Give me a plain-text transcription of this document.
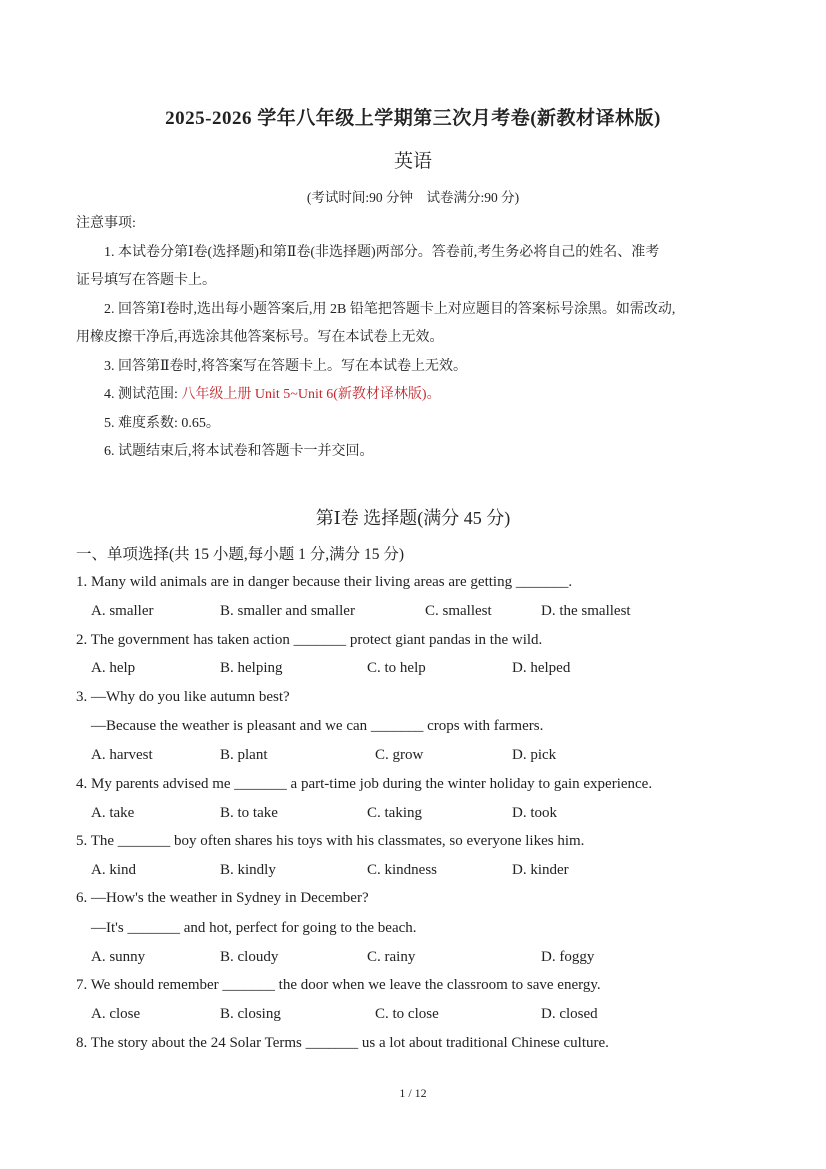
2025-2026 学年八年级上学期第三次月考卷(新教材译林版)
英语
(考试时间:90 分钟　试卷满分:90 分)
注意事项:
1. 本试卷分第Ⅰ卷(选择题)和第Ⅱ卷(非选择题)两部分。答卷前,考生务必将自己的姓名、准考
证号填写在答题卡上。
2. 回答第Ⅰ卷时,选出每小题答案后,用 2B 铅笔把答题卡上对应题目的答案标号涂黑。如需改动,
用橡皮擦干净后,再选涂其他答案标号。写在本试卷上无效。
3. 回答第Ⅱ卷时,将答案写在答题卡上。写在本试卷上无效。
4. 测试范围: 八年级上册 Unit 5~Unit 6(新教材译林版)。
5. 难度系数: 0.65。
6. 试题结束后,将本试卷和答题卡一并交回。
第Ⅰ卷 选择题(满分 45 分)
一、单项选择(共 15 小题,每小题 1 分,满分 15 分)
1. Many wild animals are in danger because their living areas are getting _______.
A. smaller	B. smaller and smaller	C. smallest	D. the smallest
2. The government has taken action _______ protect giant pandas in the wild.
A. help	B. helping	C. to help	D. helped
3. —Why do you like autumn best?
—Because the weather is pleasant and we can _______ crops with farmers.
A. harvest	B. plant	C. grow	D. pick
4. My parents advised me _______ a part-time job during the winter holiday to gain experience.
A. take	B. to take	C. taking	D. took
5. The _______ boy often shares his toys with his classmates, so everyone likes him.
A. kind	B. kindly	C. kindness	D. kinder
6. —How's the weather in Sydney in December?
—It's _______ and hot, perfect for going to the beach.
A. sunny	B. cloudy	C. rainy	D. foggy
7. We should remember _______ the door when we leave the classroom to save energy.
A. close	B. closing	C. to close	D. closed
8. The story about the 24 Solar Terms _______ us a lot about traditional Chinese culture.
1 / 12
